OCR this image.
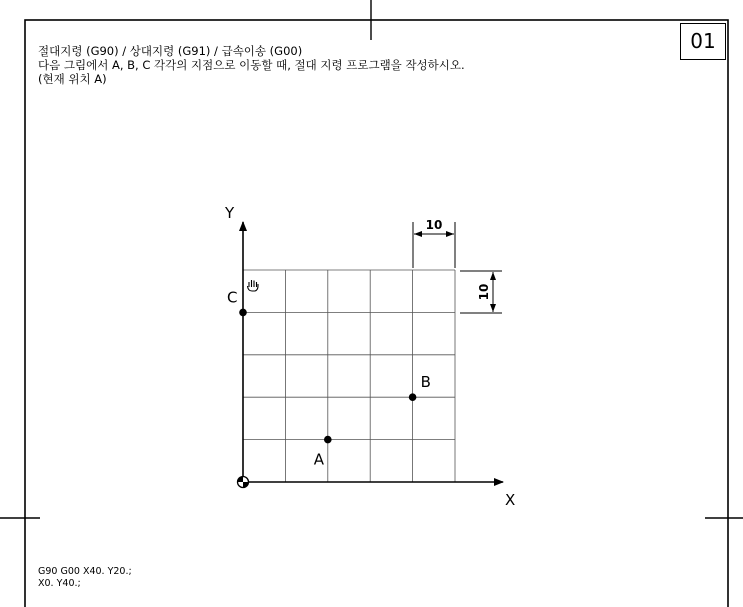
01
절대지령 (G90) / 상대지령 (G91) / 급속이송 (G00)
다음 그림에서 A, B, C 각각의 지점으로 이동할 때, 절대 지령 프로그램을 작성하시오.
(현재 위치 A)
Y
X
10
10
A
B
C
G90 G00 X40. Y20.;
X0. Y40.;
